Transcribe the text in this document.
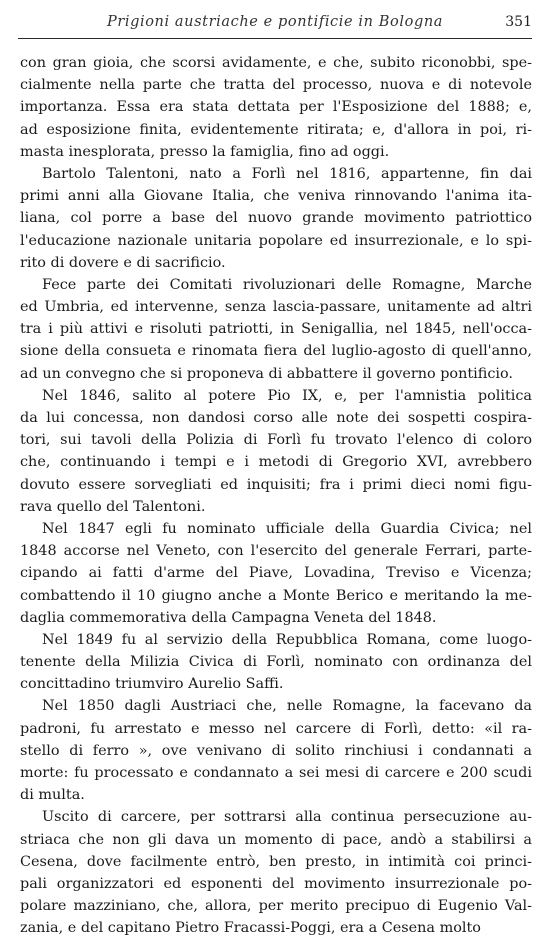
Prigioni austriache e pontificie in Bologna	351
con gran gioia, che scorsi avidamente, e che, subito riconobbi, spe-
cialmente nella parte che tratta del processo, nuova e di notevole
importanza. Essa era stata dettata per l'Esposizione del 1888; e,
ad esposizione finita, evidentemente ritirata; e, d'allora in poi, ri-
masta inesplorata, presso la famiglia, fino ad oggi.
Bartolo Talentoni, nato a Forlì nel 1816, appartenne, fin dai
primi anni alla Giovane Italia, che veniva rinnovando l'anima ita-
liana, col porre a base del nuovo grande movimento patriottico
l'educazione nazionale unitaria popolare ed insurrezionale, e lo spi-
rito di dovere e di sacrificio.
Fece parte dei Comitati rivoluzionari delle Romagne, Marche
ed Umbria, ed intervenne, senza lascia-passare, unitamente ad altri
tra i più attivi e risoluti patriotti, in Senigallia, nel 1845, nell'occa-
sione della consueta e rinomata fiera del luglio-agosto di quell'anno,
ad un convegno che si proponeva di abbattere il governo pontificio.
Nel 1846, salito al potere Pio IX, e, per l'amnistia politica
da lui concessa, non dandosi corso alle note dei sospetti cospira-
tori, sui tavoli della Polizia di Forlì fu trovato l'elenco di coloro
che, continuando i tempi e i metodi di Gregorio XVI, avrebbero
dovuto essere sorvegliati ed inquisiti; fra i primi dieci nomi figu-
rava quello del Talentoni.
Nel 1847 egli fu nominato ufficiale della Guardia Civica; nel
1848 accorse nel Veneto, con l'esercito del generale Ferrari, parte-
cipando ai fatti d'arme del Piave, Lovadina, Treviso e Vicenza;
combattendo il 10 giugno anche a Monte Berico e meritando la me-
daglia commemorativa della Campagna Veneta del 1848.
Nel 1849 fu al servizio della Repubblica Romana, come luogo-
tenente della Milizia Civica di Forlì, nominato con ordinanza del
concittadino triumviro Aurelio Saffi.
Nel 1850 dagli Austriaci che, nelle Romagne, la facevano da
padroni, fu arrestato e messo nel carcere di Forlì, detto: «il ra-
stello di ferro », ove venivano di solito rinchiusi i condannati a
morte: fu processato e condannato a sei mesi di carcere e 200 scudi
di multa.
Uscito di carcere, per sottrarsi alla continua persecuzione au-
striaca che non gli dava un momento di pace, andò a stabilirsi a
Cesena, dove facilmente entrò, ben presto, in intimità coi princi-
pali organizzatori ed esponenti del movimento insurrezionale po-
polare mazziniano, che, allora, per merito precipuo di Eugenio Val-
zania, e del capitano Pietro Fracassi-Poggi, era a Cesena molto
